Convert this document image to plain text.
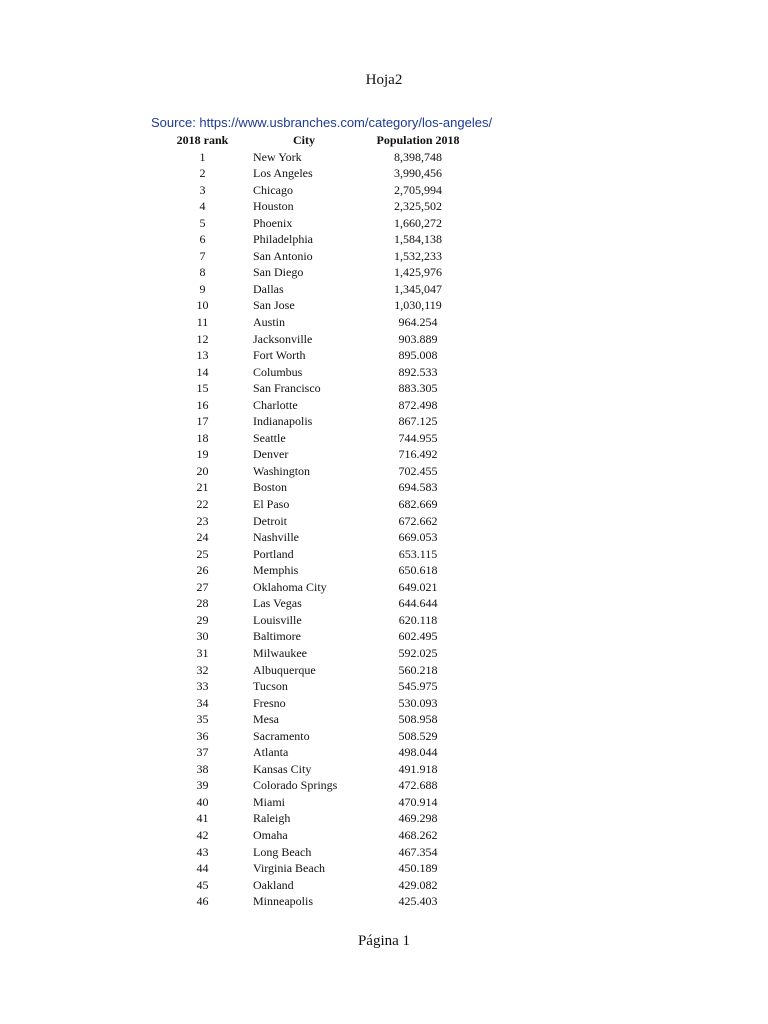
Hoja2
Source: https://www.usbranches.com/category/los-angeles/
2018 rank	City	Population 2018
1	New York	8,398,748
2	Los Angeles	3,990,456
3	Chicago	2,705,994
4	Houston	2,325,502
5	Phoenix	1,660,272
6	Philadelphia	1,584,138
7	San Antonio	1,532,233
8	San Diego	1,425,976
9	Dallas	1,345,047
10	San Jose	1,030,119
11	Austin	964.254
12	Jacksonville	903.889
13	Fort Worth	895.008
14	Columbus	892.533
15	San Francisco	883.305
16	Charlotte	872.498
17	Indianapolis	867.125
18	Seattle	744.955
19	Denver	716.492
20	Washington	702.455
21	Boston	694.583
22	El Paso	682.669
23	Detroit	672.662
24	Nashville	669.053
25	Portland	653.115
26	Memphis	650.618
27	Oklahoma City	649.021
28	Las Vegas	644.644
29	Louisville	620.118
30	Baltimore	602.495
31	Milwaukee	592.025
32	Albuquerque	560.218
33	Tucson	545.975
34	Fresno	530.093
35	Mesa	508.958
36	Sacramento	508.529
37	Atlanta	498.044
38	Kansas City	491.918
39	Colorado Springs	472.688
40	Miami	470.914
41	Raleigh	469.298
42	Omaha	468.262
43	Long Beach	467.354
44	Virginia Beach	450.189
45	Oakland	429.082
46	Minneapolis	425.403
Página 1
